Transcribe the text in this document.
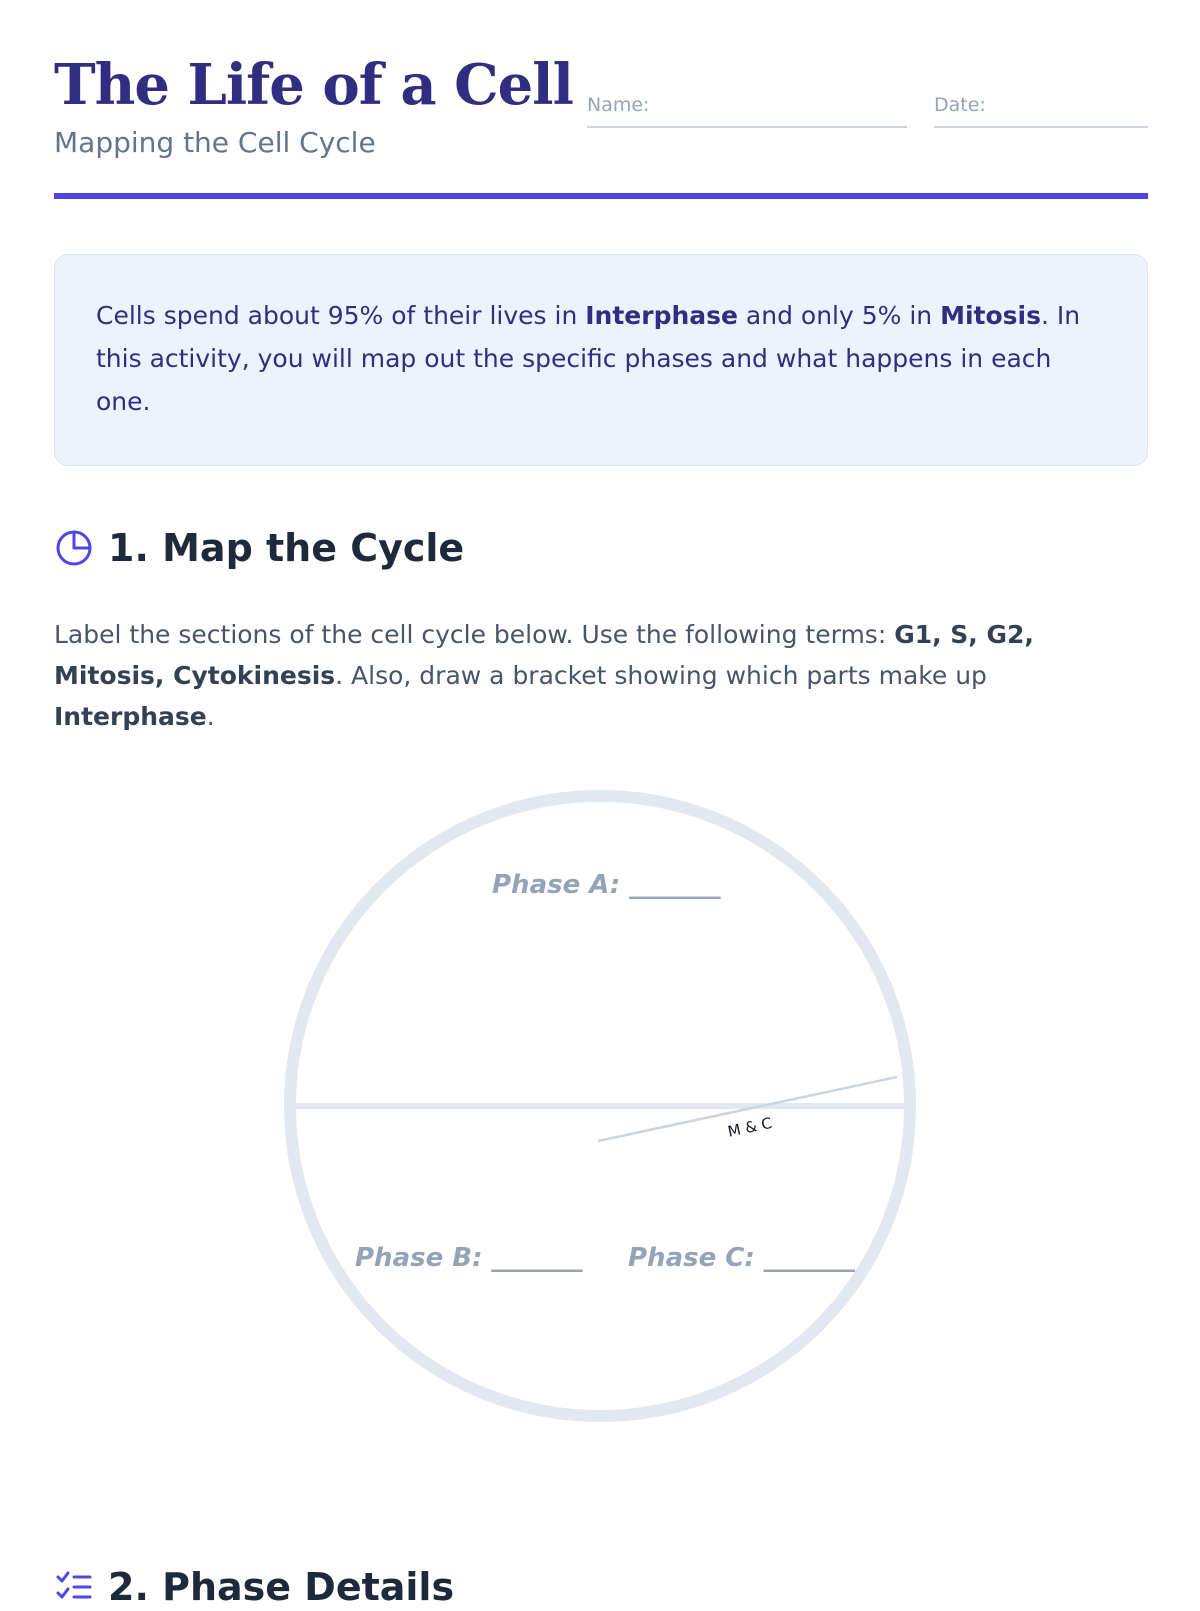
The Life of a Cell
Mapping the Cell Cycle
Name:	Date:
Cells spend about 95% of their lives in Interphase and only 5% in Mitosis. In this activity, you will map out the specific phases and what happens in each one.
1. Map the Cycle
Label the sections of the cell cycle below. Use the following terms: G1, S, G2, Mitosis, Cytokinesis. Also, draw a bracket showing which parts make up Interphase.
2. Phase Details
Phase A: _______
Phase B: _______ Phase C: _______
M & C
